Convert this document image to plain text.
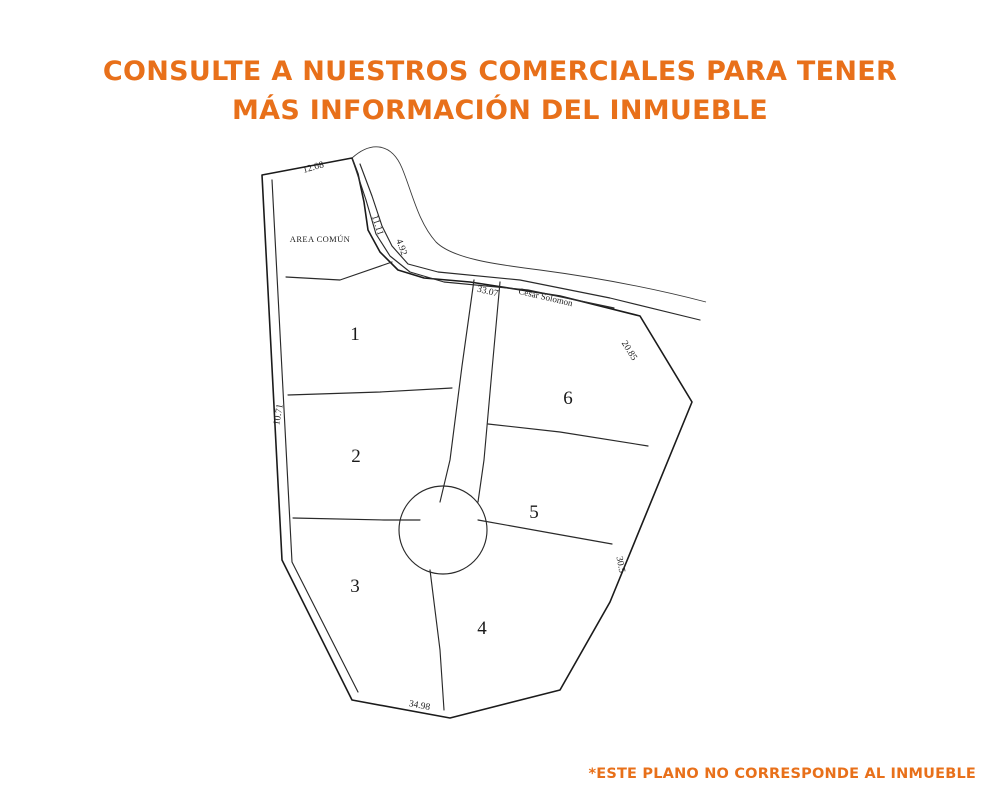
CONSULTE A NUESTROS COMERCIALES PARA TENER
MÁS INFORMACIÓN DEL INMUEBLE
1
2
3
4
5
6
AREA COMÚN
Cesar Solomon
12.08
11.11
4.92
33.07
20.85
30.5
10.71
34.98
*ESTE PLANO NO CORRESPONDE AL INMUEBLE
